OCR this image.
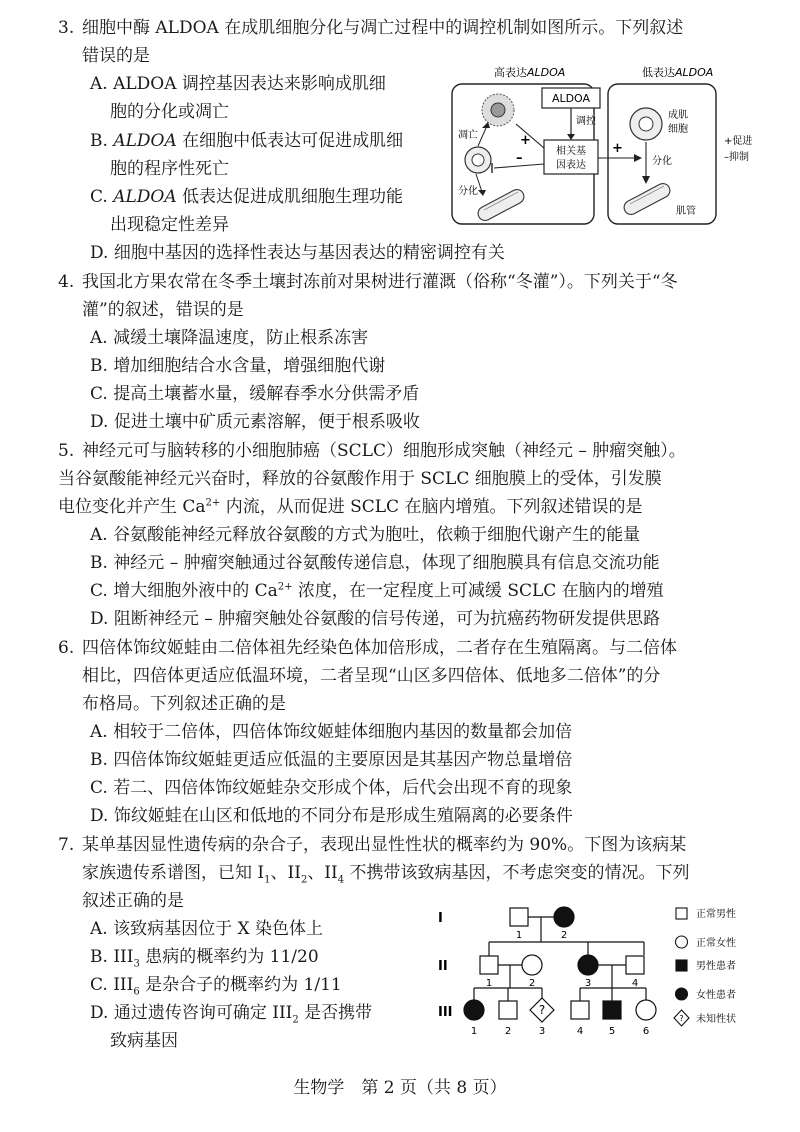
3. 细胞中酶 ALDOA 在成肌细胞分化与凋亡过程中的调控机制如图所示。下列叙述
错误的是
A. ALDOA 调控基因表达来影响成肌细
胞的分化或凋亡
B. ALDOA 在细胞中低表达可促进成肌细
胞的程序性死亡
C. ALDOA 低表达促进成肌细胞生理功能
出现稳定性差异
D. 细胞中基因的选择性表达与基因表达的精密调控有关
高表达ALDOA	低表达ALDOA
ALDOA
调控
相关基
因表达
凋亡	+
–
分化
成肌
细胞
+
分化
肌管
+促进
–抑制
4. 我国北方果农常在冬季土壤封冻前对果树进行灌溉（俗称“冬灌”）。下列关于“冬
灌”的叙述，错误的是
A. 减缓土壤降温速度，防止根系冻害
B. 增加细胞结合水含量，增强细胞代谢
C. 提高土壤蓄水量，缓解春季水分供需矛盾
D. 促进土壤中矿质元素溶解，便于根系吸收
5. 神经元可与脑转移的小细胞肺癌（SCLC）细胞形成突触（神经元 – 肿瘤突触）。
当谷氨酸能神经元兴奋时，释放的谷氨酸作用于 SCLC 细胞膜上的受体，引发膜
电位变化并产生 $Ca^{2+}$ 内流，从而促进 SCLC 在脑内增殖。下列叙述错误的是
A. 谷氨酸能神经元释放谷氨酸的方式为胞吐，依赖于细胞代谢产生的能量
B. 神经元 – 肿瘤突触通过谷氨酸传递信息，体现了细胞膜具有信息交流功能
C. 增大细胞外液中的 $Ca^{2+}$ 浓度，在一定程度上可减缓 SCLC 在脑内的增殖
D. 阻断神经元 – 肿瘤突触处谷氨酸的信号传递，可为抗癌药物研发提供思路
6. 四倍体饰纹姬蛙由二倍体祖先经染色体加倍形成，二者存在生殖隔离。与二倍体
相比，四倍体更适应低温环境，二者呈现“山区多四倍体、低地多二倍体”的分
布格局。下列叙述正确的是
A. 相较于二倍体，四倍体饰纹姬蛙体细胞内基因的数量都会加倍
B. 四倍体饰纹姬蛙更适应低温的主要原因是其基因产物总量增倍
C. 若二、四倍体饰纹姬蛙杂交形成个体，后代会出现不育的现象
D. 饰纹姬蛙在山区和低地的不同分布是形成生殖隔离的必要条件
7. 某单基因显性遗传病的杂合子，表现出显性性状的概率约为 90%。下图为该病某
家族遗传系谱图，已知 $I_1$、$II_2$、$II_4$ 不携带该致病基因，不考虑突变的情况。下列
叙述正确的是
A. 该致病基因位于 X 染色体上
B. $III_3$ 患病的概率约为 11/20
C. $III_6$ 是杂合子的概率约为 1/11
D. 通过遗传咨询可确定 $III_2$ 是否携带
致病基因
I
II
III	?
1	2
1	2	3	4
1	2	3	4	5	6
?
正常男性
正常女性
男性患者
女性患者
未知性状
生物学　第 2 页（共 8 页）
